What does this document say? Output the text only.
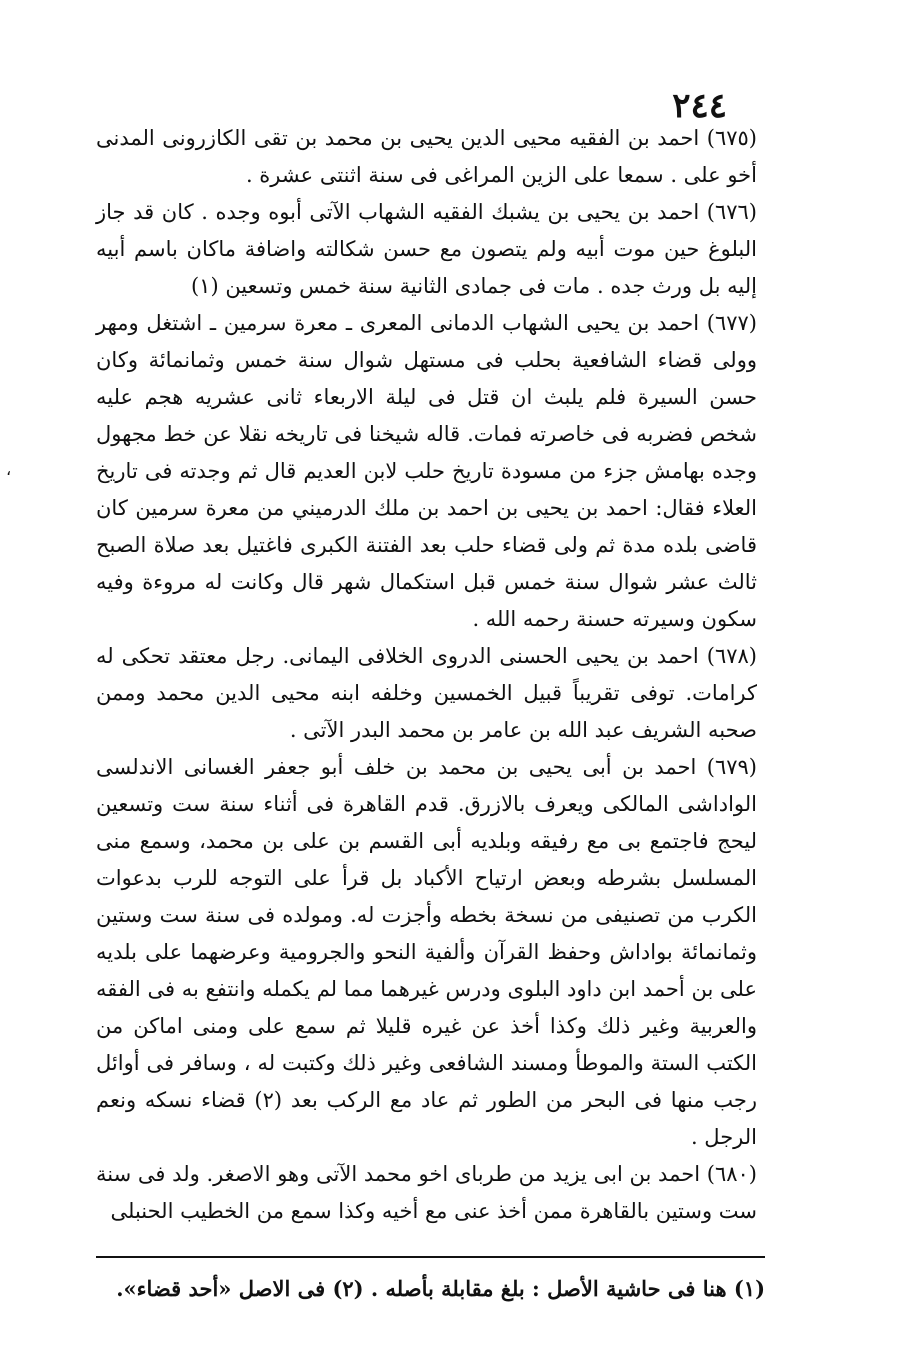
٢٤٤

(٦٧٥) احمد بن الفقيه محيى الدين يحيى بن محمد بن تقى الكازرونى المدنى أخو على . سمعا على الزين المراغى فى سنة اثنتى عشرة .

(٦٧٦) احمد بن يحيى بن يشبك الفقيه الشهاب الآتى أبوه وجده . كان قد جاز البلوغ حين موت أبيه ولم يتصون مع حسن شكالته واضافة ماكان باسم أبيه إليه بل ورث جده . مات فى جمادى الثانية سنة خمس وتسعين (١)

(٦٧٧) احمد بن يحيى الشهاب الدمانى المعرى ـ معرة سرمين ـ اشتغل ومهر وولى قضاء الشافعية بحلب فى مستهل شوال سنة خمس وثمانمائة وكان حسن السيرة فلم يلبث ان قتل فى ليلة الاربعاء ثانى عشريه هجم عليه شخص فضربه فى خاصرته فمات. قاله شيخنا فى تاريخه نقلا عن خط مجهول وجده بهامش جزء من مسودة تاريخ حلب لابن العديم قال ثم وجدته فى تاريخ العلاء فقال: احمد بن يحيى بن احمد بن ملك الدرميني من معرة سرمين كان قاضى بلده مدة ثم ولى قضاء حلب بعد الفتنة الكبرى فاغتيل بعد صلاة الصبح ثالث عشر شوال سنة خمس قبل استكمال شهر قال وكانت له مروءة وفيه سكون وسيرته حسنة رحمه الله .

(٦٧٨) احمد بن يحيى الحسنى الدروى الخلافى اليمانى. رجل معتقد تحكى له كرامات. توفى تقريباً قبيل الخمسين وخلفه ابنه محيى الدين محمد وممن صحبه الشريف عبد الله بن عامر بن محمد البدر الآتى .

(٦٧٩) احمد بن أبى يحيى بن محمد بن خلف أبو جعفر الغسانى الاندلسى الواداشى المالكى ويعرف بالازرق. قدم القاهرة فى أثناء سنة ست وتسعين ليحج فاجتمع بى مع رفيقه وبلديه أبى القسم بن على بن محمد، وسمع منى المسلسل بشرطه وبعض ارتياح الأكباد بل قرأ على التوجه للرب بدعوات الكرب من تصنيفى من نسخة بخطه وأجزت له. ومولده فى سنة ست وستين وثمانمائة بواداش وحفظ القرآن وألفية النحو والجرومية وعرضهما على بلديه على بن أحمد ابن داود البلوى ودرس غيرهما مما لم يكمله وانتفع به فى الفقه والعربية وغير ذلك وكذا أخذ عن غيره قليلا ثم سمع على ومنى اماكن من الكتب الستة والموطأ ومسند الشافعى وغير ذلك وكتبت له ، وسافر فى أوائل رجب منها فى البحر من الطور ثم عاد مع الركب بعد (٢) قضاء نسكه ونعم الرجل .

(٦٨٠) احمد بن ابى يزيد من طرباى اخو محمد الآتى وهو الاصغر. ولد فى سنة ست وستين بالقاهرة ممن أخذ عنى مع أخيه وكذا سمع من الخطيب الحنبلى

(١) هنا فى حاشية الأصل : بلغ مقابلة بأصله . (٢) فى الاصل «أحد قضاء».
،
